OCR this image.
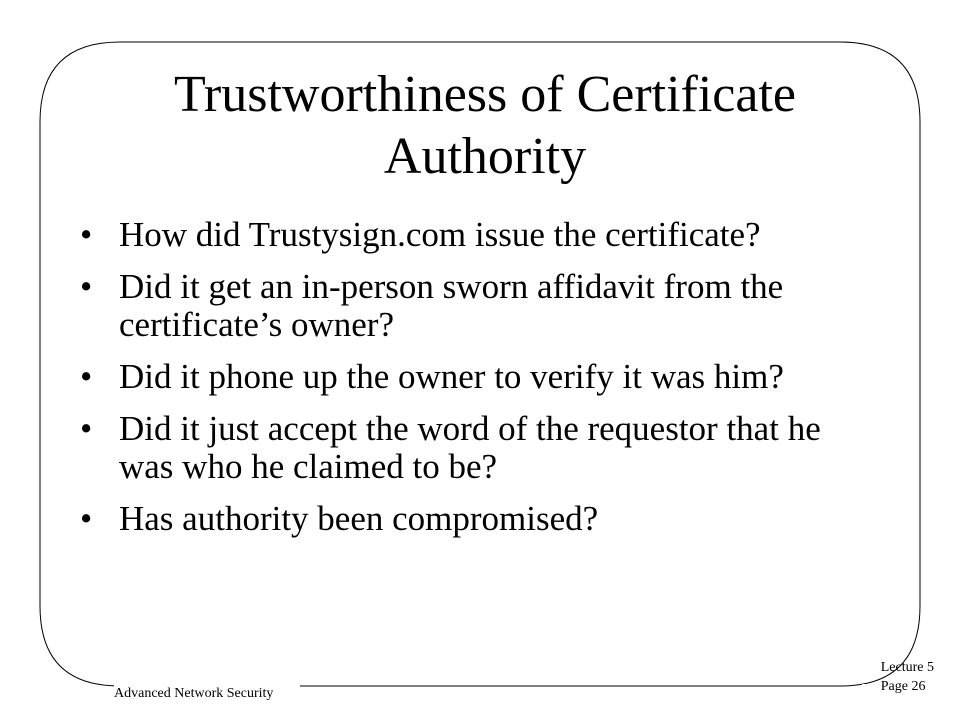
Trustworthiness of Certificate Authority
• How did Trustysign.com issue the certificate?
• Did it get an in-person sworn affidavit from the certificate’s owner?
• Did it phone up the owner to verify it was him?
• Did it just accept the word of the requestor that he was who he claimed to be?
• Has authority been compromised?
Advanced Network Security
Lecture 5
Page 26
